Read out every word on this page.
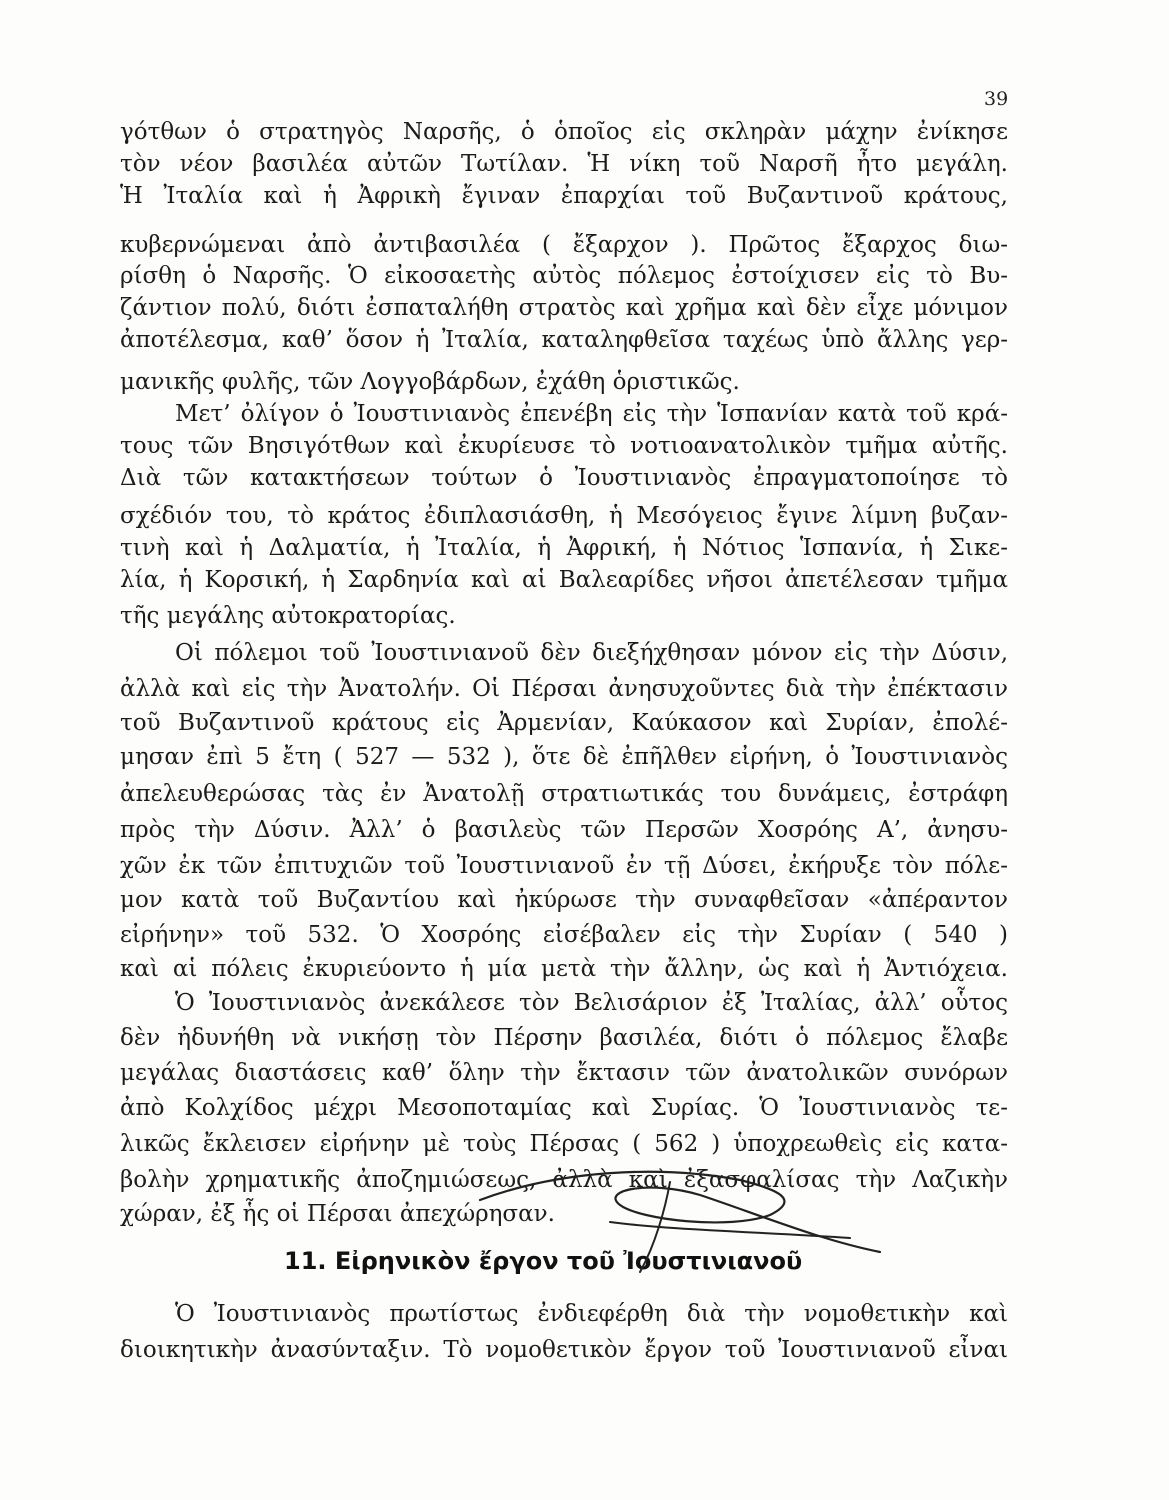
39
γότθων ὁ στρατηγὸς Ναρσῆς, ὁ ὁποῖος εἰς σκληρὰν μάχην ἐνίκησε
τὸν νέον βασιλέα αὐτῶν Τωτίλαν. Ἡ νίκη τοῦ Ναρσῆ ἦτο μεγάλη.
Ἡ Ἰταλία καὶ ἡ Ἀφρικὴ ἔγιναν ἐπαρχίαι τοῦ Βυζαντινοῦ κράτους,
κυβερνώμεναι ἀπὸ ἀντιβασιλέα ( ἔξαρχον ). Πρῶτος ἔξαρχος διω-
ρίσθη ὁ Ναρσῆς. Ὁ εἰκοσαετὴς αὐτὸς πόλεμος ἐστοίχισεν εἰς τὸ Βυ-
ζάντιον πολύ, διότι ἐσπαταλήθη στρατὸς καὶ χρῆμα καὶ δὲν εἶχε μόνιμον
ἀποτέλεσμα, καθ’ ὅσον ἡ Ἰταλία, καταληφθεῖσα ταχέως ὑπὸ ἄλλης γερ-
μανικῆς φυλῆς, τῶν Λογγοβάρδων, ἐχάθη ὁριστικῶς.
Μετ’ ὀλίγον ὁ Ἰουστινιανὸς ἐπενέβη εἰς τὴν Ἱσπανίαν κατὰ τοῦ κρά-
τους τῶν Βησιγότθων καὶ ἐκυρίευσε τὸ νοτιοανατολικὸν τμῆμα αὐτῆς.
Διὰ τῶν κατακτήσεων τούτων ὁ Ἰουστινιανὸς ἐπραγματοποίησε τὸ
σχέδιόν του, τὸ κράτος ἐδιπλασιάσθη, ἡ Μεσόγειος ἔγινε λίμνη βυζαν-
τινὴ καὶ ἡ Δαλματία, ἡ Ἰταλία, ἡ Ἀφρική, ἡ Νότιος Ἱσπανία, ἡ Σικε-
λία, ἡ Κορσική, ἡ Σαρδηνία καὶ αἱ Βαλεαρίδες νῆσοι ἀπετέλεσαν τμῆμα
τῆς μεγάλης αὐτοκρατορίας.
Οἱ πόλεμοι τοῦ Ἰουστινιανοῦ δὲν διεξήχθησαν μόνον εἰς τὴν Δύσιν,
ἀλλὰ καὶ εἰς τὴν Ἀνατολήν. Οἱ Πέρσαι ἀνησυχοῦντες διὰ τὴν ἐπέκτασιν
τοῦ Βυζαντινοῦ κράτους εἰς Ἀρμενίαν, Καύκασον καὶ Συρίαν, ἐπολέ-
μησαν ἐπὶ 5 ἔτη ( 527 — 532 ), ὅτε δὲ ἐπῆλθεν εἰρήνη, ὁ Ἰουστινιανὸς
ἀπελευθερώσας τὰς ἐν Ἀνατολῇ στρατιωτικάς του δυνάμεις, ἐστράφη
πρὸς τὴν Δύσιν. Ἀλλ’ ὁ βασιλεὺς τῶν Περσῶν Χοσρόης Α’, ἀνησυ-
χῶν ἐκ τῶν ἐπιτυχιῶν τοῦ Ἰουστινιανοῦ ἐν τῇ Δύσει, ἐκήρυξε τὸν πόλε-
μον κατὰ τοῦ Βυζαντίου καὶ ἠκύρωσε τὴν συναφθεῖσαν «ἀπέραντον
εἰρήνην» τοῦ 532. Ὁ Χοσρόης εἰσέβαλεν εἰς τὴν Συρίαν ( 540 )
καὶ αἱ πόλεις ἐκυριεύοντο ἡ μία μετὰ τὴν ἄλλην, ὡς καὶ ἡ Ἀντιόχεια.
Ὁ Ἰουστινιανὸς ἀνεκάλεσε τὸν Βελισάριον ἐξ Ἰταλίας, ἀλλ’ οὗτος
δὲν ἠδυνήθη νὰ νικήσῃ τὸν Πέρσην βασιλέα, διότι ὁ πόλεμος ἔλαβε
μεγάλας διαστάσεις καθ’ ὅλην τὴν ἔκτασιν τῶν ἀνατολικῶν συνόρων
ἀπὸ Κολχίδος μέχρι Μεσοποταμίας καὶ Συρίας. Ὁ Ἰουστινιανὸς τε-
λικῶς ἔκλεισεν εἰρήνην μὲ τοὺς Πέρσας ( 562 ) ὑποχρεωθεὶς εἰς κατα-
βολὴν χρηματικῆς ἀποζημιώσεως, ἀλλὰ καὶ ἐξασφαλίσας τὴν Λαζικὴν
χώραν, ἐξ ἧς οἱ Πέρσαι ἀπεχώρησαν.
11. Εἰρηνικὸν ἔργον τοῦ Ἰουστινιανοῦ
Ὁ Ἰουστινιανὸς πρωτίστως ἐνδιεφέρθη διὰ τὴν νομοθετικὴν καὶ
διοικητικὴν ἀνασύνταξιν. Τὸ νομοθετικὸν ἔργον τοῦ Ἰουστινιανοῦ εἶναι
